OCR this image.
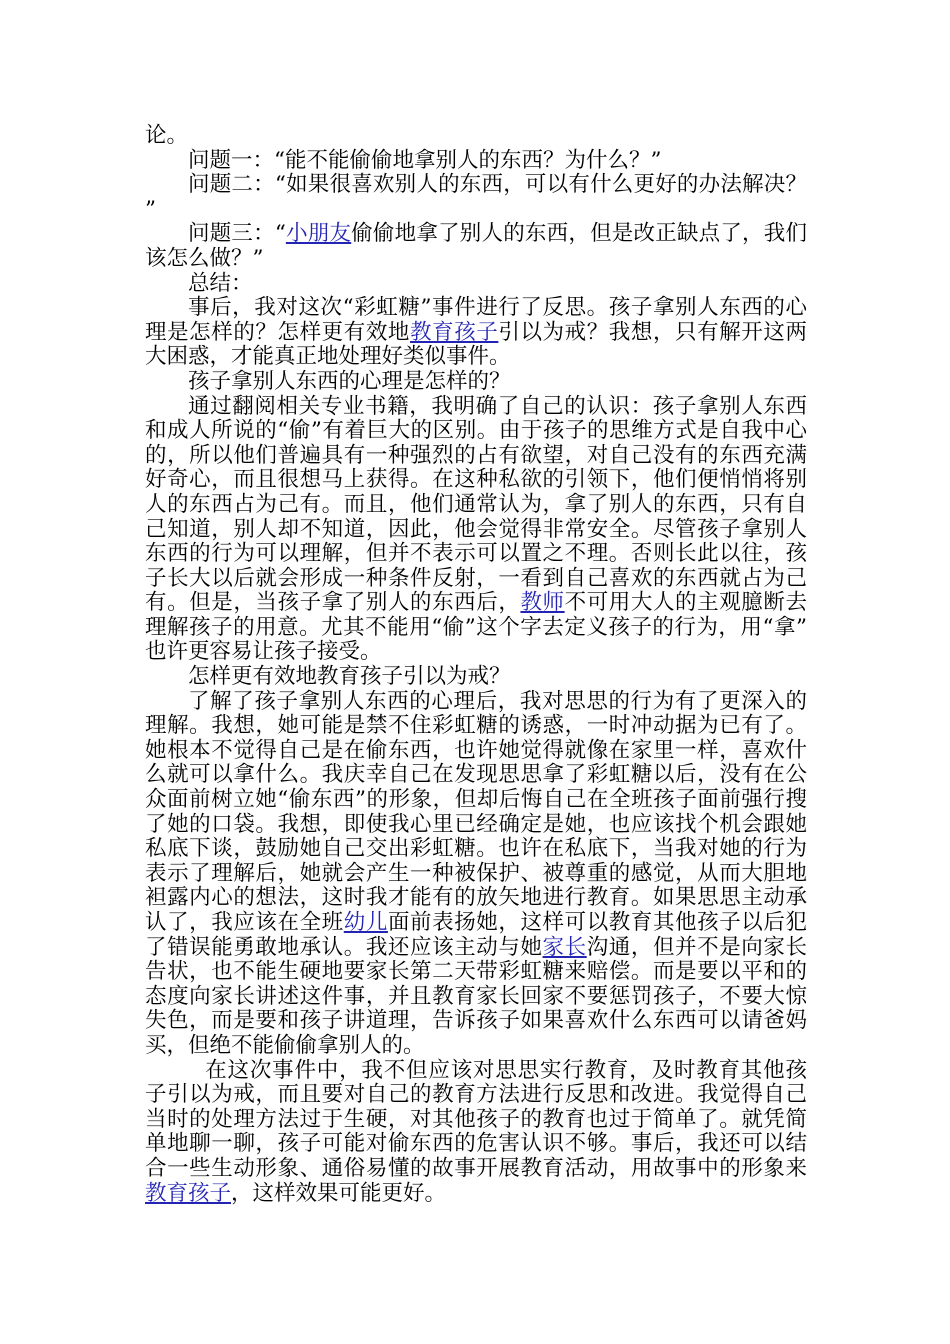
论。

问题一：“能不能偷偷地拿别人的东西？为什么？”

问题二：“如果很喜欢别人的东西，可以有什么更好的办法解决？”

问题三：“小朋友偷偷地拿了别人的东西，但是改正缺点了，我们该怎么做？”

总结：

事后，我对这次“彩虹糖”事件进行了反思。孩子拿别人东西的心理是怎样的？怎样更有效地教育孩子引以为戒？我想，只有解开这两大困惑，才能真正地处理好类似事件。

孩子拿别人东西的心理是怎样的？

通过翻阅相关专业书籍，我明确了自己的认识：孩子拿别人东西和成人所说的“偷”有着巨大的区别。由于孩子的思维方式是自我中心的，所以他们普遍具有一种强烈的占有欲望，对自己没有的东西充满好奇心，而且很想马上获得。在这种私欲的引领下，他们便悄悄将别人的东西占为己有。而且，他们通常认为，拿了别人的东西，只有自己知道，别人却不知道，因此，他会觉得非常安全。尽管孩子拿别人东西的行为可以理解，但并不表示可以置之不理。否则长此以往，孩子长大以后就会形成一种条件反射，一看到自己喜欢的东西就占为己有。但是，当孩子拿了别人的东西后，教师不可用大人的主观臆断去理解孩子的用意。尤其不能用“偷”这个字去定义孩子的行为，用“拿”也许更容易让孩子接受。

怎样更有效地教育孩子引以为戒？

了解了孩子拿别人东西的心理后，我对思思的行为有了更深入的理解。我想，她可能是禁不住彩虹糖的诱惑，一时冲动据为已有了。她根本不觉得自己是在偷东西，也许她觉得就像在家里一样，喜欢什么就可以拿什么。我庆幸自己在发现思思拿了彩虹糖以后，没有在公众面前树立她“偷东西”的形象，但却后悔自己在全班孩子面前强行搜了她的口袋。我想，即使我心里已经确定是她，也应该找个机会跟她私底下谈，鼓励她自己交出彩虹糖。也许在私底下，当我对她的行为表示了理解后，她就会产生一种被保护、被尊重的感觉，从而大胆地袒露内心的想法，这时我才能有的放矢地进行教育。如果思思主动承认了，我应该在全班幼儿面前表扬她，这样可以教育其他孩子以后犯了错误能勇敢地承认。我还应该主动与她家长沟通，但并不是向家长告状，也不能生硬地要家长第二天带彩虹糖来赔偿。而是要以平和的态度向家长讲述这件事，并且教育家长回家不要惩罚孩子，不要大惊失色，而是要和孩子讲道理，告诉孩子如果喜欢什么东西可以请爸妈买，但绝不能偷偷拿别人的。

在这次事件中，我不但应该对思思实行教育，及时教育其他孩子引以为戒，而且要对自己的教育方法进行反思和改进。我觉得自己当时的处理方法过于生硬，对其他孩子的教育也过于简单了。就凭简单地聊一聊，孩子可能对偷东西的危害认识不够。事后，我还可以结合一些生动形象、通俗易懂的故事开展教育活动，用故事中的形象来教育孩子，这样效果可能更好。
